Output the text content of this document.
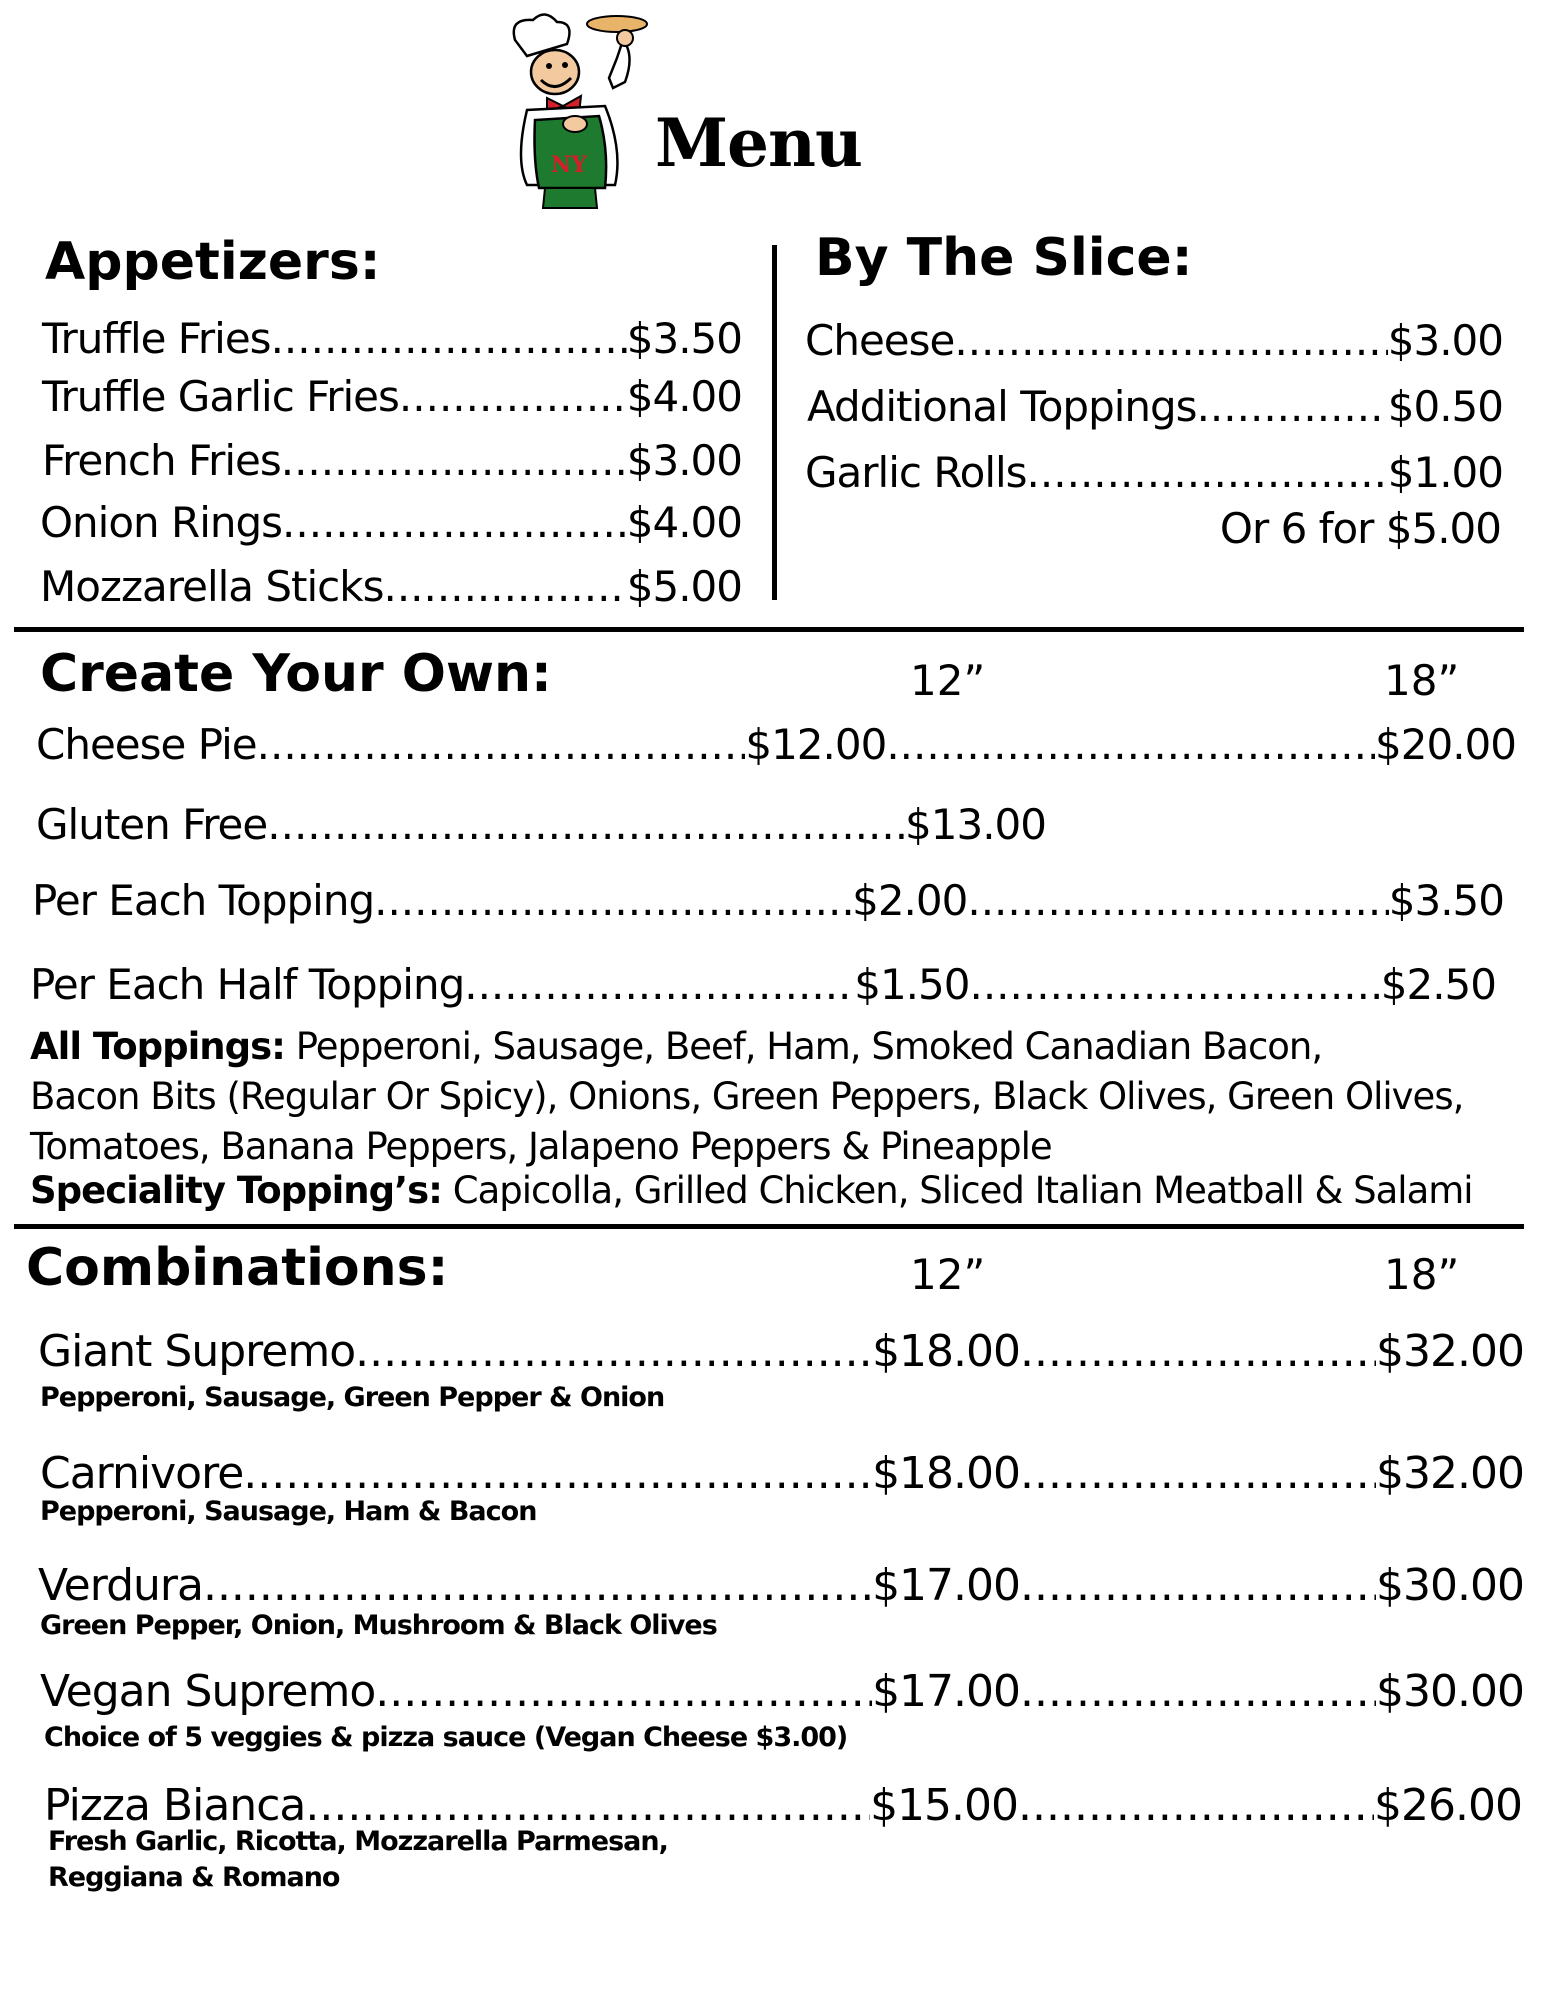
NY Menu
Appetizers:
Truffle Fries .....	$3.50
Truffle Garlic Fries .....	$4.00
French Fries .....	$3.00
Onion Rings .....	$4.00
Mozzarella Sticks .....	$5.00
By The Slice:
Cheese .....	$3.00
Additional Toppings .....	$0.50
Garlic Rolls .....	$1.00
Or 6 for $5.00
Create Your Own:	12”	18”
Cheese Pie .....	$12.00 .....	$20.00
Gluten Free .....	$13.00
Per Each Topping .....	$2.00 .....	$3.50
Per Each Half Topping .....	$1.50 .....	$2.50
All Toppings: Pepperoni, Sausage, Beef, Ham, Smoked Canadian Bacon,
Bacon Bits (Regular Or Spicy), Onions, Green Peppers, Black Olives, Green Olives,
Tomatoes, Banana Peppers, Jalapeno Peppers & Pineapple
Speciality Topping’s: Capicolla, Grilled Chicken, Sliced Italian Meatball & Salami
Combinations:	12”	18”
Giant Supremo .....	$18.00 .....	$32.00
Pepperoni, Sausage, Green Pepper & Onion
Carnivore .....	$18.00 .....	$32.00
Pepperoni, Sausage, Ham & Bacon
Verdura .....	$17.00 .....	$30.00
Green Pepper, Onion, Mushroom & Black Olives
Vegan Supremo .....	$17.00 .....	$30.00
Choice of 5 veggies & pizza sauce (Vegan Cheese $3.00)
Pizza Bianca .....	$15.00 .....	$26.00
Fresh Garlic, Ricotta, Mozzarella Parmesan,
Reggiana & Romano
